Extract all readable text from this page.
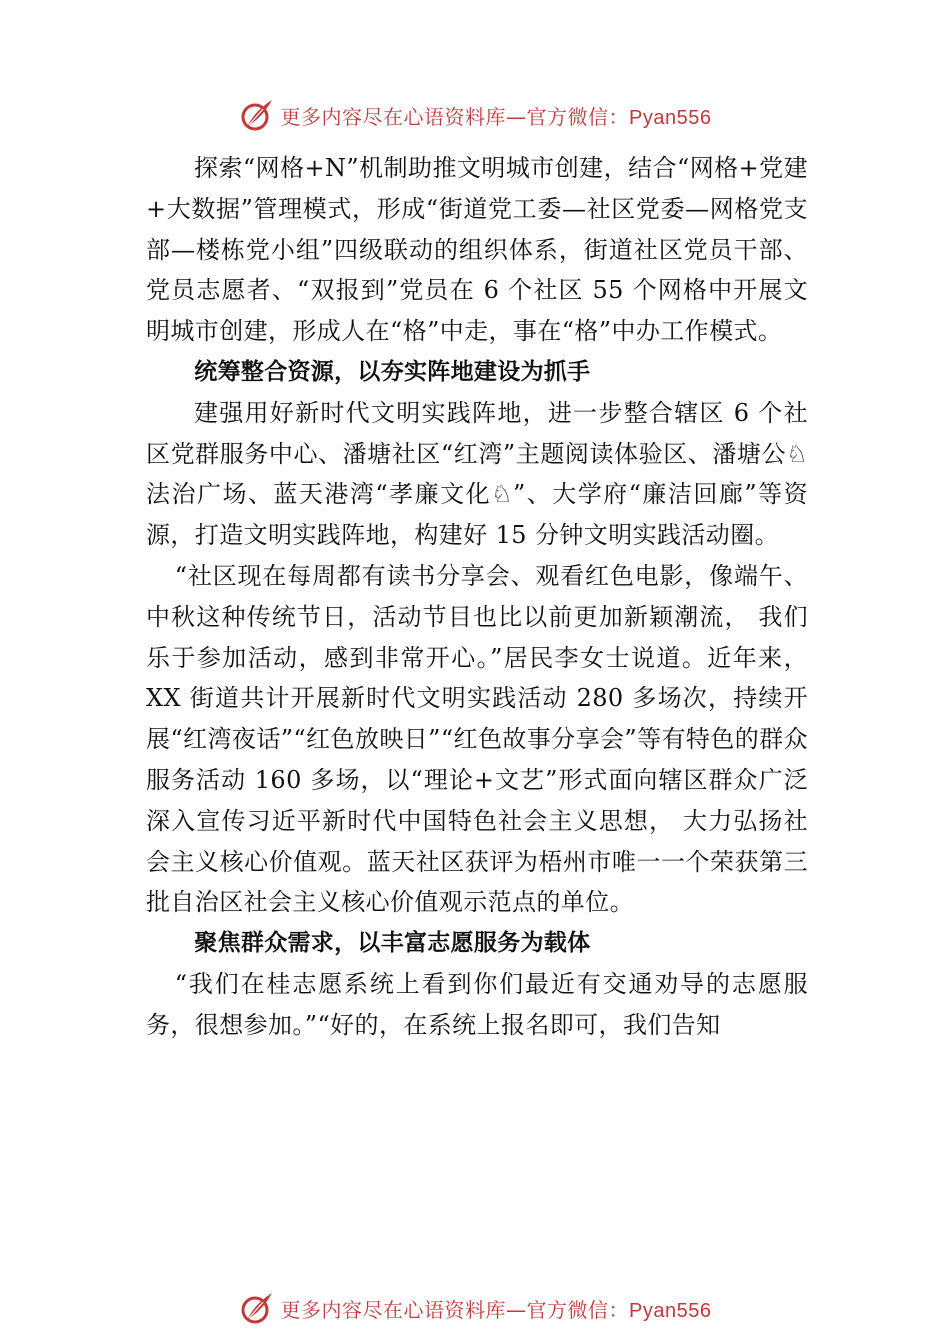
更多内容尽在心语资料库—官方微信：Pyan556

探索“网格+N”机制助推文明城市创建，结合“网格+党建+大数据”管理模式，形成“街道党工委—社区党委—网格党支部—楼栋党小组”四级联动的组织体系，街道社区党员干部、党员志愿者、“双报到”党员在 6 个社区 55 个网格中开展文明城市创建，形成人在“格”中走，事在“格”中办工作模式。

统筹整合资源，以夯实阵地建设为抓手

建强用好新时代文明实践阵地，进一步整合辖区 6 个社区党群服务中心、潘塘社区“红湾”主题阅读体验区、潘塘公♘法治广场、蓝天港湾“孝廉文化♘”、大学府“廉洁回廊”等资源，打造文明实践阵地，构建好 15 分钟文明实践活动圈。

“社区现在每周都有读书分享会、观看红色电影，像端午、中秋这种传统节日，活动节目也比以前更加新颖潮流， 我们乐于参加活动，感到非常开心。”居民李女士说道。近年来，XX 街道共计开展新时代文明实践活动 280 多场次，持续开展“红湾夜话”“红色放映日”“红色故事分享会”等有特色的群众服务活动 160 多场，以“理论+文艺”形式面向辖区群众广泛深入宣传习近平新时代中国特色社会主义思想， 大力弘扬社会主义核心价值观。蓝天社区获评为梧州市唯一一个荣获第三批自治区社会主义核心价值观示范点的单位。

聚焦群众需求，以丰富志愿服务为载体

“我们在桂志愿系统上看到你们最近有交通劝导的志愿服务，很想参加。”“好的，在系统上报名即可，我们告知

更多内容尽在心语资料库—官方微信：Pyan556
